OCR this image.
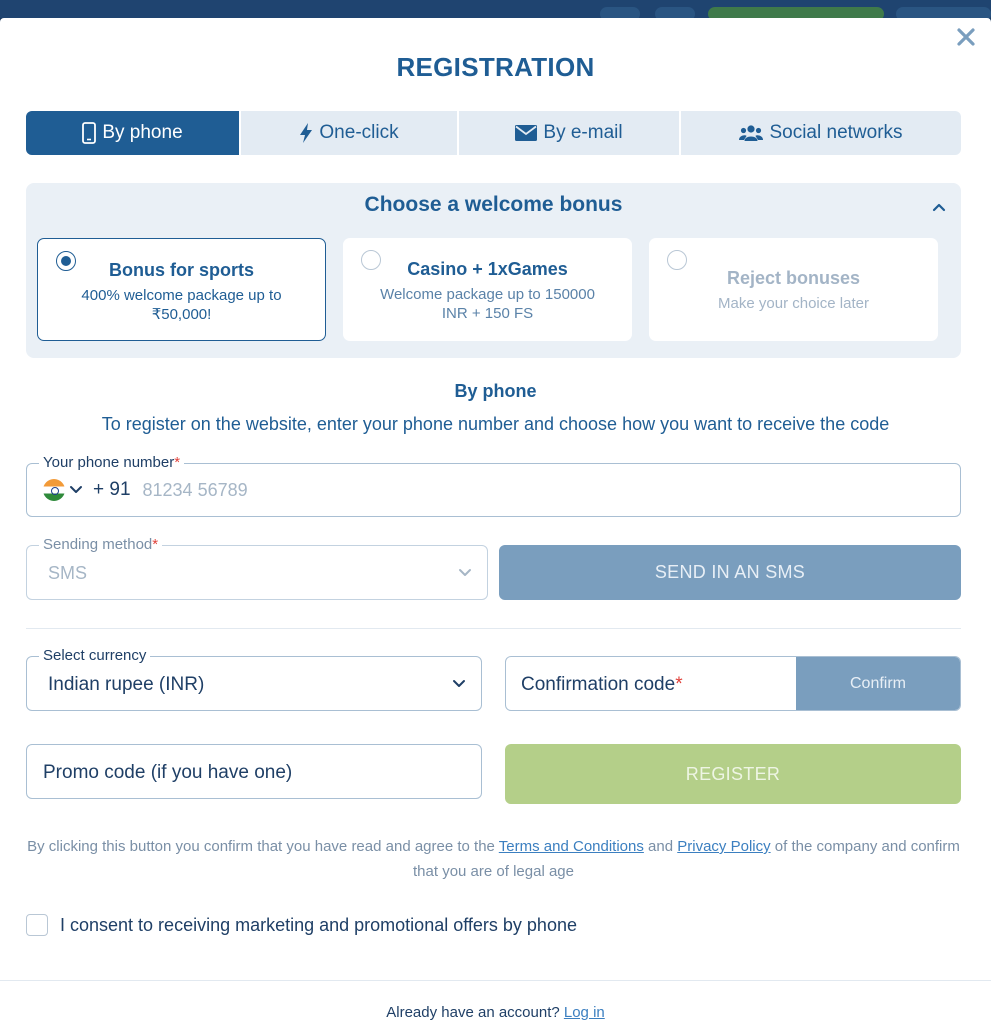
REGISTRATION
By phone	One-click	By e-mail	Social networks
Choose a welcome bonus
Bonus for sports
400% welcome package up to ₹50,000!
Casino + 1xGames
Welcome package up to 150000 INR + 150 FS
Reject bonuses
Make your choice later
By phone
To register on the website, enter your phone number and choose how you want to receive the code
Your phone number*
+ 91
81234 56789
Sending method*
SMS	SEND IN AN SMS
Select currency
Indian rupee (INR)	Confirmation code*	Confirm
Promo code (if you have one)	REGISTER
By clicking this button you confirm that you have read and agree to the Terms and Conditions and Privacy Policy of the company and confirm that you are of legal age
I consent to receiving marketing and promotional offers by phone
Already have an account? Log in
